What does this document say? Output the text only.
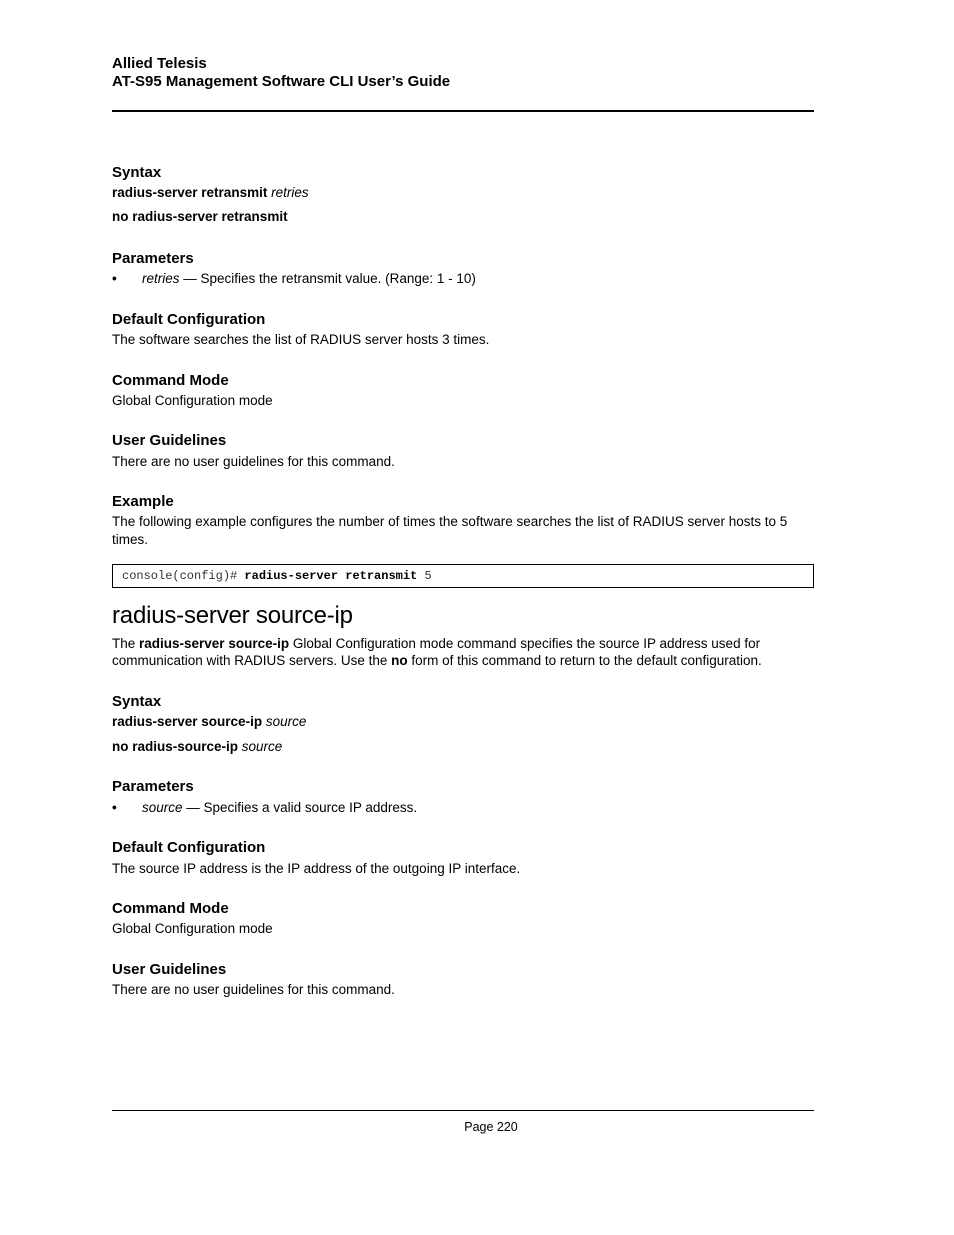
Allied Telesis
AT-S95 Management Software CLI User’s Guide
Syntax
radius-server retransmit retries
no radius-server retransmit
Parameters
• retries — Specifies the retransmit value. (Range: 1 - 10)
Default Configuration
The software searches the list of RADIUS server hosts 3 times.
Command Mode
Global Configuration mode
User Guidelines
There are no user guidelines for this command.
Example
The following example configures the number of times the software searches the list of RADIUS server hosts to 5 times.
console(config)# radius-server retransmit 5
radius-server source-ip
The radius-server source-ip Global Configuration mode command specifies the source IP address used for communication with RADIUS servers. Use the no form of this command to return to the default configuration.
Syntax
radius-server source-ip source
no radius-source-ip source
Parameters
• source — Specifies a valid source IP address.
Default Configuration
The source IP address is the IP address of the outgoing IP interface.
Command Mode
Global Configuration mode
User Guidelines
There are no user guidelines for this command.
Page 220
